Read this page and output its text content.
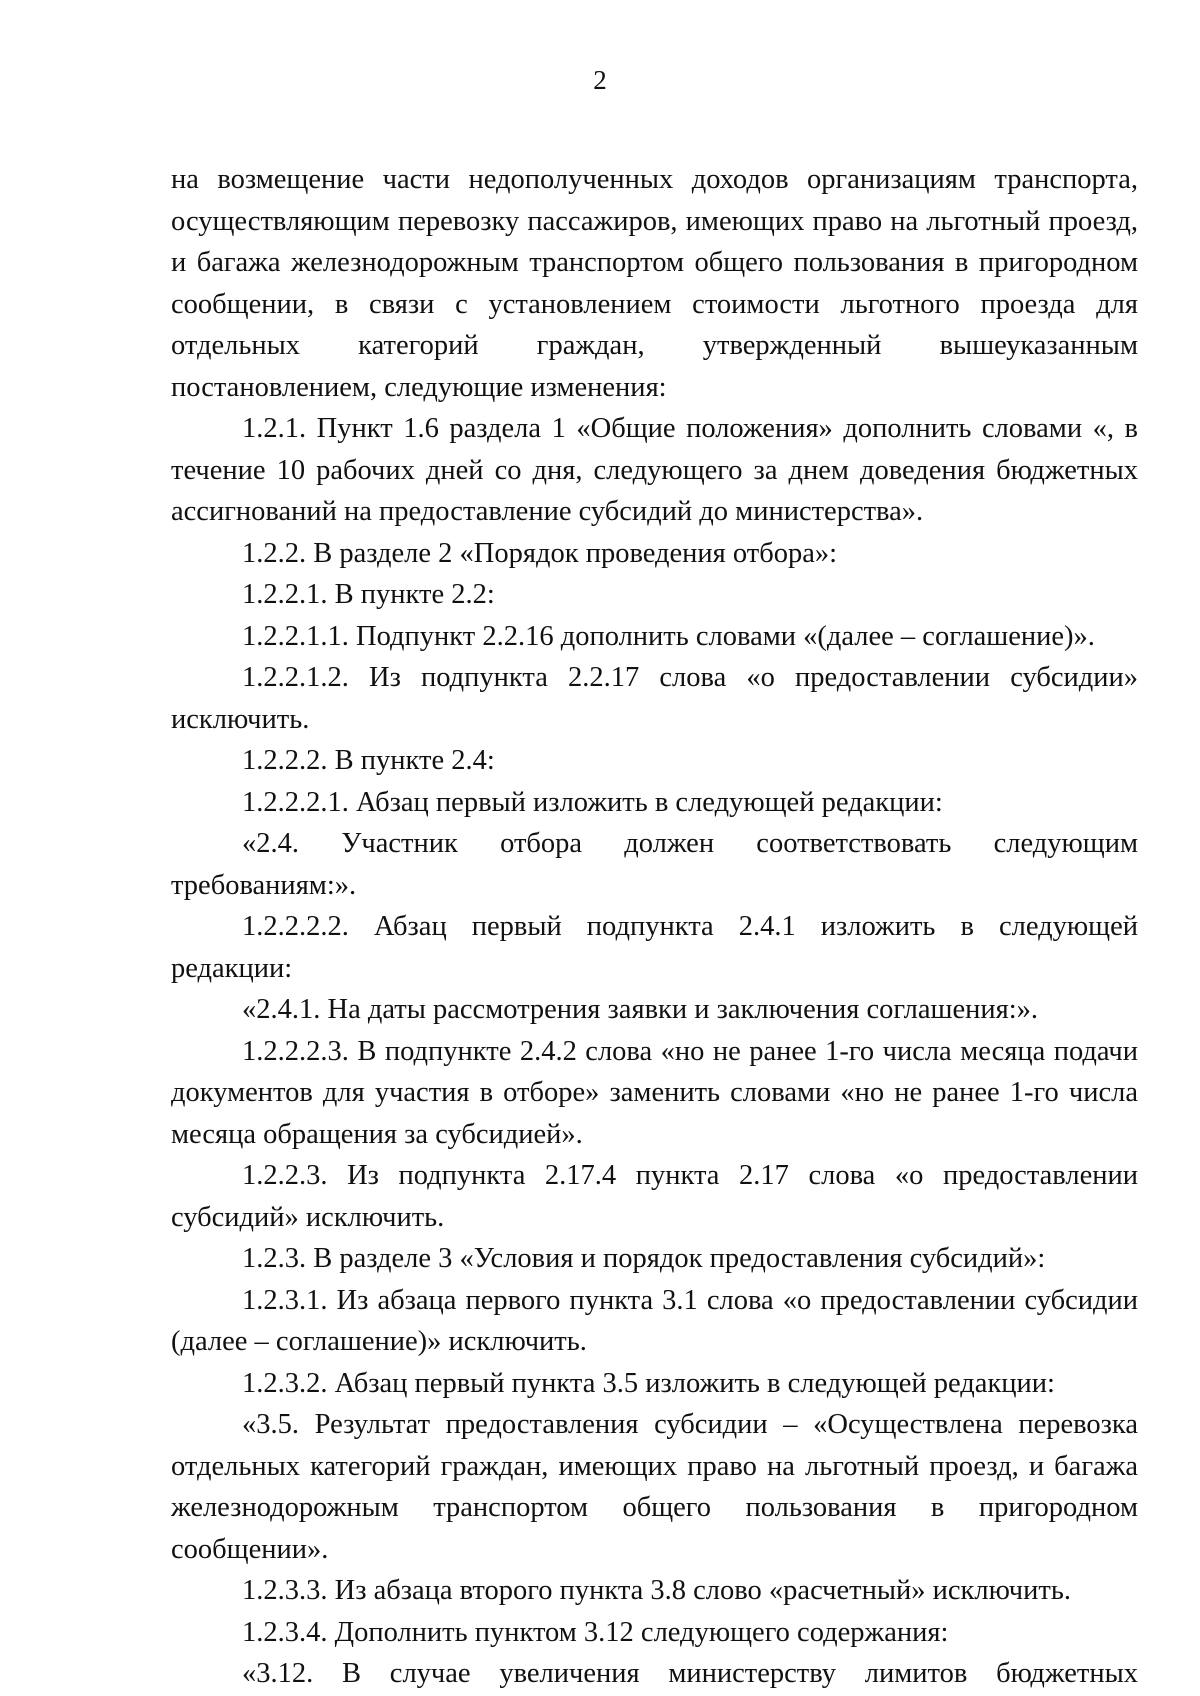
2

на возмещение части недополученных доходов организациям транспорта, осуществляющим перевозку пассажиров, имеющих право на льготный проезд, и багажа железнодорожным транспортом общего пользования в пригородном сообщении, в связи с установлением стоимости льготного проезда для отдельных категорий граждан, утвержденный вышеуказанным постановлением, следующие изменения:

1.2.1. Пункт 1.6 раздела 1 «Общие положения» дополнить словами «, в течение 10 рабочих дней со дня, следующего за днем доведения бюджетных ассигнований на предоставление субсидий до министерства».

1.2.2. В разделе 2 «Порядок проведения отбора»:

1.2.2.1. В пункте 2.2:

1.2.2.1.1. Подпункт 2.2.16 дополнить словами «(далее – соглашение)».

1.2.2.1.2. Из подпункта 2.2.17 слова «о предоставлении субсидии» исключить.

1.2.2.2. В пункте 2.4:

1.2.2.2.1. Абзац первый изложить в следующей редакции:

«2.4. Участник отбора должен соответствовать следующим требованиям:».

1.2.2.2.2. Абзац первый подпункта 2.4.1 изложить в следующей редакции:

«2.4.1. На даты рассмотрения заявки и заключения соглашения:».

1.2.2.2.3. В подпункте 2.4.2 слова «но не ранее 1-го числа месяца подачи документов для участия в отборе» заменить словами «но не ранее 1-го числа месяца обращения за субсидией».

1.2.2.3. Из подпункта 2.17.4 пункта 2.17 слова «о предоставлении субсидий» исключить.

1.2.3. В разделе 3 «Условия и порядок предоставления субсидий»:

1.2.3.1. Из абзаца первого пункта 3.1 слова «о предоставлении субсидии (далее – соглашение)» исключить.

1.2.3.2. Абзац первый пункта 3.5 изложить в следующей редакции:

«3.5. Результат предоставления субсидии – «Осуществлена перевозка отдельных категорий граждан, имеющих право на льготный проезд, и багажа железнодорожным транспортом общего пользования в пригородном сообщении».

1.2.3.3. Из абзаца второго пункта 3.8 слово «расчетный» исключить.

1.2.3.4. Дополнить пунктом 3.12 следующего содержания:

«3.12. В случае увеличения министерству лимитов бюджетных
